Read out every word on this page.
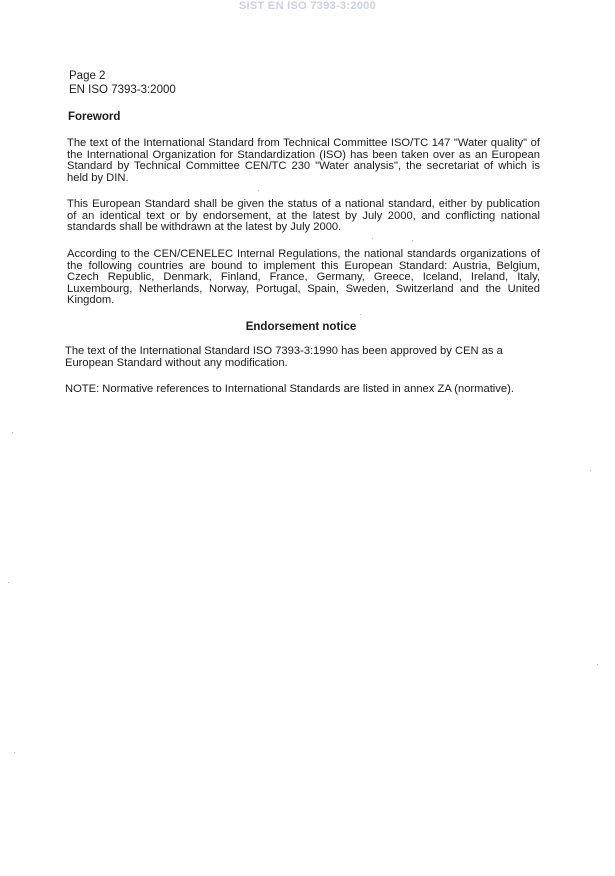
SIST EN ISO 7393-3:2000
Page 2
EN ISO 7393-3:2000
Foreword
The text of the International Standard from Technical Committee ISO/TC 147 "Water quality" of the International Organization for Standardization (ISO) has been taken over as an European Standard by Technical Committee CEN/TC 230 "Water analysis", the secretariat of which is held by DIN.
This European Standard shall be given the status of a national standard, either by publication of an identical text or by endorsement, at the latest by July 2000, and conflicting national standards shall be withdrawn at the latest by July 2000.
According to the CEN/CENELEC Internal Regulations, the national standards organizations of the following countries are bound to implement this European Standard: Austria, Belgium, Czech Republic, Denmark, Finland, France, Germany, Greece, Iceland, Ireland, Italy, Luxembourg, Netherlands, Norway, Portugal, Spain, Sweden, Switzerland and the United Kingdom.
Endorsement notice
The text of the International Standard ISO 7393-3:1990 has been approved by CEN as a European Standard without any modification.
NOTE: Normative references to International Standards are listed in annex ZA (normative).
